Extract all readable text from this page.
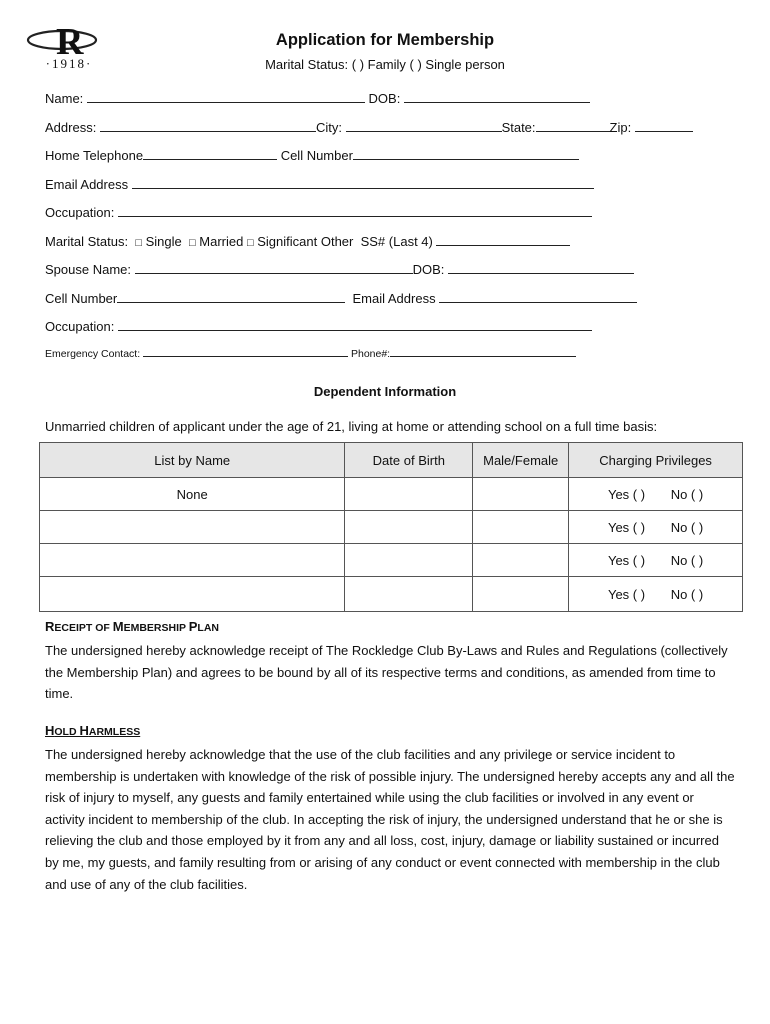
R
·1918·
Application for Membership
Marital Status: ( ) Family ( ) Single person
Name:	DOB:
Address:	City:	State:	Zip:
Home Telephone	Cell Number
Email Address
Occupation:
Marital Status: □ Single □ Married □ Significant Other SS# (Last 4)
Spouse Name:	DOB:
Cell Number	Email Address
Occupation:
Emergency Contact:	Phone#:
Dependent Information
Unmarried children of applicant under the age of 21, living at home or attending school on a full time basis:
List by Name	Date of Birth	Male/Female	Charging Privileges
None			Yes ( ) No ( )

			Yes ( ) No ( )

			Yes ( ) No ( )

			Yes ( ) No ( )
RECEIPT OF MEMBERSHIP PLAN
The undersigned hereby acknowledge receipt of The Rockledge Club By-Laws and Rules and Regulations (collectively the Membership Plan) and agrees to be bound by all of its respective terms and conditions, as amended from time to time.
HOLD HARMLESS
The undersigned hereby acknowledge that the use of the club facilities and any privilege or service incident to membership is undertaken with knowledge of the risk of possible injury. The undersigned hereby accepts any and all the risk of injury to myself, any guests and family entertained while using the club facilities or involved in any event or activity incident to membership of the club. In accepting the risk of injury, the undersigned understand that he or she is relieving the club and those employed by it from any and all loss, cost, injury, damage or liability sustained or incurred by me, my guests, and family resulting from or arising of any conduct or event connected with membership in the club and use of any of the club facilities.
